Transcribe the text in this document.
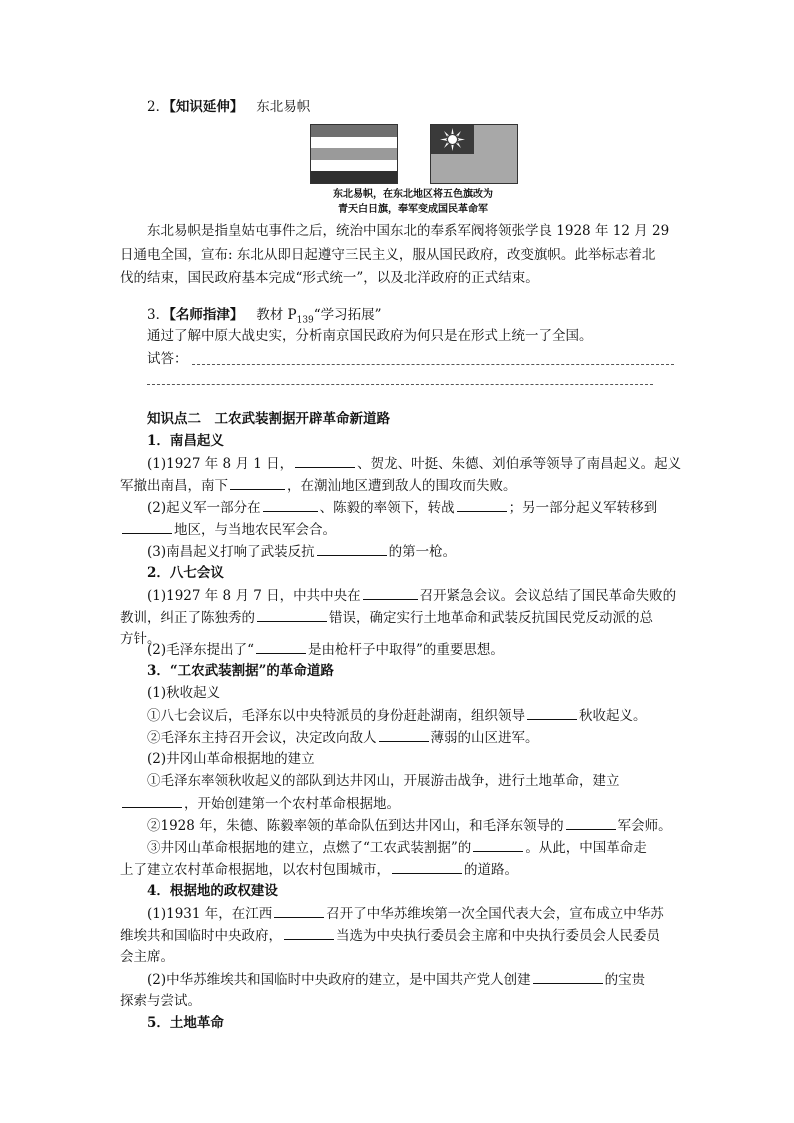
2．【知识延伸】 东北易帜
东北易帜，在东北地区将五色旗改为
青天白日旗，奉军变成国民革命军
东北易帜是指皇姑屯事件之后，统治中国东北的奉系军阀将领张学良 1928 年 12 月 29
日通电全国，宣布: 东北从即日起遵守三民主义，服从国民政府，改变旗帜。此举标志着北
伐的结束，国民政府基本完成“形式统一”，以及北洋政府的正式结束。
3．【名师指津】 教材 $P_{139}“$学习拓展”
通过了解中原大战史实，分析南京国民政府为何只是在形式上统一了全国。
试答：
知识点二　工农武装割据开辟革命新道路
1．南昌起义
(1)1927 年 8 月 1 日，	、贺龙、叶挺、朱德、刘伯承等领导了南昌起义。起义
军撤出南昌，南下	，在潮汕地区遭到敌人的围攻而失败。
(2)起义军一部分在	、陈毅的率领下，转战	；另一部分起义军转移到
地区，与当地农民军会合。
(3)南昌起义打响了武装反抗	的第一枪。
2．八七会议
(1)1927 年 8 月 7 日，中共中央在	召开紧急会议。会议总结了国民革命失败的
教训，纠正了陈独秀的	错误，确定实行土地革命和武装反抗国民党反动派的总
方针。
(2)毛泽东提出了“	是由枪杆子中取得”的重要思想。
3．“工农武装割据”的革命道路
(1)秋收起义
①八七会议后，毛泽东以中央特派员的身份赶赴湖南，组织领导	秋收起义。
②毛泽东主持召开会议，决定改向敌人	薄弱的山区进军。
(2)井冈山革命根据地的建立
①毛泽东率领秋收起义的部队到达井冈山，开展游击战争，进行土地革命，建立
，开始创建第一个农村革命根据地。
②1928 年，朱德、陈毅率领的革命队伍到达井冈山，和毛泽东领导的	军会师。
③井冈山革命根据地的建立，点燃了“工农武装割据”的	。从此，中国革命走
上了建立农村革命根据地，以农村包围城市，	的道路。
4．根据地的政权建设
(1)1931 年，在江西	召开了中华苏维埃第一次全国代表大会，宣布成立中华苏
维埃共和国临时中央政府，	当选为中央执行委员会主席和中央执行委员会人民委员
会主席。
(2)中华苏维埃共和国临时中央政府的建立，是中国共产党人创建	的宝贵
探索与尝试。
5．土地革命
